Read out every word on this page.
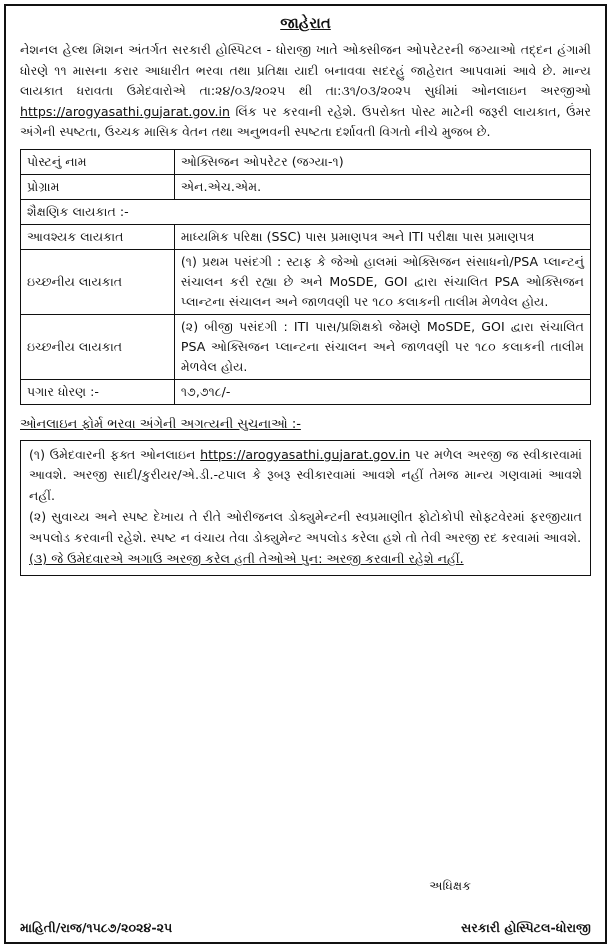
જાહેરાત

નેશનલ હેલ્થ મિશન અંતર્ગત સરકારી હોસ્પિટલ - ધોરાજી ખાતે ઓક્સીજન ઓપરેટરની જગ્યાઓ તદ્દન હંગામી ધોરણે ૧૧ માસના કરાર આધારીત ભરવા તથા પ્રતિક્ષા યાદી બનાવવા સદરહું જાહેરાત આપવામાં આવે છે. માન્ય લાયકાત ધરાવતા ઉમેદવારોએ તા:૨૪/૦૩/૨૦૨૫ થી તા:૩૧/૦૩/૨૦૨૫ સુધીમાં ઓનલાઇન અરજીઓ https://arogyasathi.gujarat.gov.in લિંક પર કરવાની રહેશે. ઉપરોક્ત પોસ્ટ માટેની જરૂરી લાયકાત, ઉંમર અંગેની સ્પષ્ટતા, ઉચ્ચક માસિક વેતન તથા અનુભવની સ્પષ્ટતા દર્શાવતી વિગતો નીચે મુજબ છે.

પોસ્ટનું નામ	ઓક્સિજન ઓપરેટર (જગ્યા-૧)
પ્રોગ્રામ	એન.એચ.એમ.
શૈક્ષણિક લાયકાત :-	
આવશ્યક લાયકાત	માધ્યમિક પરિક્ષા (SSC) પાસ પ્રમાણપત્ર અને ITI પરીક્ષા પાસ પ્રમાણપત્ર
ઇચ્છનીય લાયકાત	(૧) પ્રથમ પસંદગી : સ્ટાફ કે જેઓ હાલમાં ઓક્સિજન સંસાધનો/PSA પ્લાન્ટનું સંચાલન કરી રહ્યા છે અને MoSDE, GOI દ્વારા સંચાલિત PSA ઓક્સિજન પ્લાન્ટના સંચાલન અને જાળવણી પર ૧૮૦ કલાકની તાલીમ મેળવેલ હોય.
ઇચ્છનીય લાયકાત	(૨) બીજી પસંદગી : ITI પાસ/પ્રશિક્ષકો જેમણે MoSDE, GOI દ્વારા સંચાલિત PSA ઓક્સિજન પ્લાન્ટના સંચાલન અને જાળવણી પર ૧૮૦ કલાકની તાલીમ મેળવેલ હોય.
પગાર ધોરણ :-	૧૭,૭૧૮/-
ઓનલાઇન ફોર્મ ભરવા અંગેની અગત્યની સુચનાઓ :-

(૧) ઉમેદવારની ફક્ત ઓનલાઇન https://arogyasathi.gujarat.gov.in પર મળેલ અરજી જ સ્વીકારવામાં આવશે. અરજી સાદી/કુરીયર/એ.ડી.-ટપાલ કે રૂબરૂ સ્વીકારવામાં આવશે નહીં તેમજ માન્ય ગણવામાં આવશે નહીં.

(૨) સુવાચ્ય અને સ્પષ્ટ દેખાય તે રીતે ઓરીજનલ ડોક્યુમેન્ટની સ્વપ્રમાણીત ફોટોકોપી સોફ્ટવેરમાં ફરજીયાત અપલોડ કરવાની રહેશે. સ્પષ્ટ ન વંચાય તેવા ડોક્યુમેન્ટ અપલોડ કરેલા હશે તો તેવી અરજી રદ કરવામાં આવશે.

(૩) જે ઉમેદવારએ અગાઉ અરજી કરેલ હતી તેઓએ પુન: અરજી કરવાની રહેશે નહીં.

અધિક્ષક
માહિતી/રાજ/૧૫૮૭/૨૦૨૪-૨૫	સરકારી હોસ્પિટલ-ધોરાજી
